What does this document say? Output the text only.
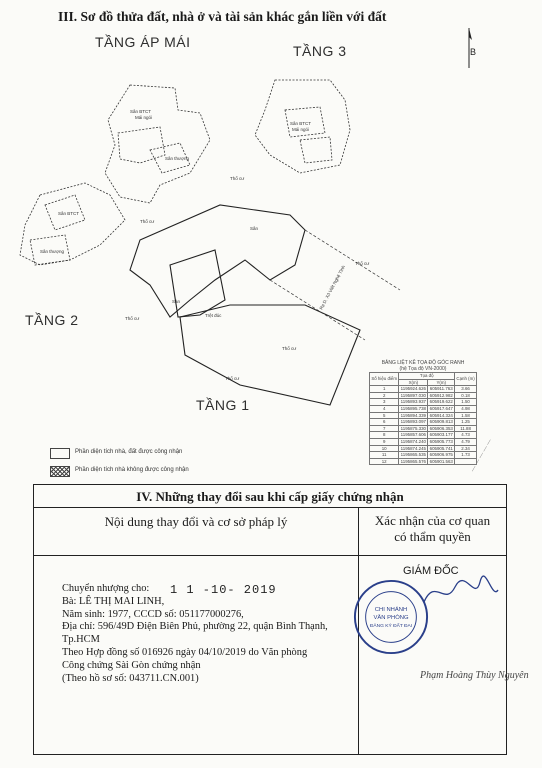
III. Sơ đồ thửa đất, nhà ở và tài sản khác gắn liền với đất
TẦNG ÁP MÁI
TẦNG 3
TẦNG 2
TẦNG 1
B
Sân
Thổ cư
Trệt đúc
Sàn
Thổ cư
Thổ cư
Thổ cư
Thổ cư
Thổ cư
Sân BTCT
Mái ngói
Sân thượng
Sân BTCT
Mái ngói
Sân BTCT
Sân thượng
Rạ D. Xô Viết Nghệ Tĩnh
BẢNG LIỆT KÊ TỌA ĐỘ GÓC RANH
(hệ Tọa độ VN-2000)
Số hiệu điểm	Tọa độ		Cạnh (m)
	X(m)	Y(m)	
1	1195924.626	605911.763	3.66
2	1195897.030	605912.982	0.18
3	1195893.937	605919.622	1.50
4	1195895.738	605917.647	4.98
5	1195894.339	605914.324	1.58
6	1195893.097	605909.813	1.25
7	1195875.330	605906.353	11.88
8	1195857.606	605903.177	4.73
9	1195874.240	605905.773	4.79
10	1195874.245	605905.741	2.34
11	1195865.535	605906.975	1.73
12	1195865.576	605901.563	
Phần diện tích nhà, đất được công nhận
Phần diện tích nhà không được công nhận	— — — — —
IV. Những thay đổi sau khi cấp giấy chứng nhận
Nội dung thay đổi và cơ sở pháp lý	Xác nhận của cơ quan
có thẩm quyền

Chuyển nhượng cho:

Bà: LÊ THỊ MAI LINH,

Năm sinh: 1977, CCCD số: 051177000276,

Địa chỉ: 596/49D Điện Biên Phủ, phường 22, quận Bình Thạnh,

Tp.HCM

Theo Hợp đồng số 016926 ngày 04/10/2019 do Văn phòng

Công chứng Sài Gòn chứng nhận

(Theo hồ sơ số: 043711.CN.001)

1 1 -10- 2019
GIÁM ĐỐC
CHI NHÁNH
VĂN PHÒNG
ĐĂNG KÝ ĐẤT ĐAI
Phạm Hoàng Thùy Nguyên
